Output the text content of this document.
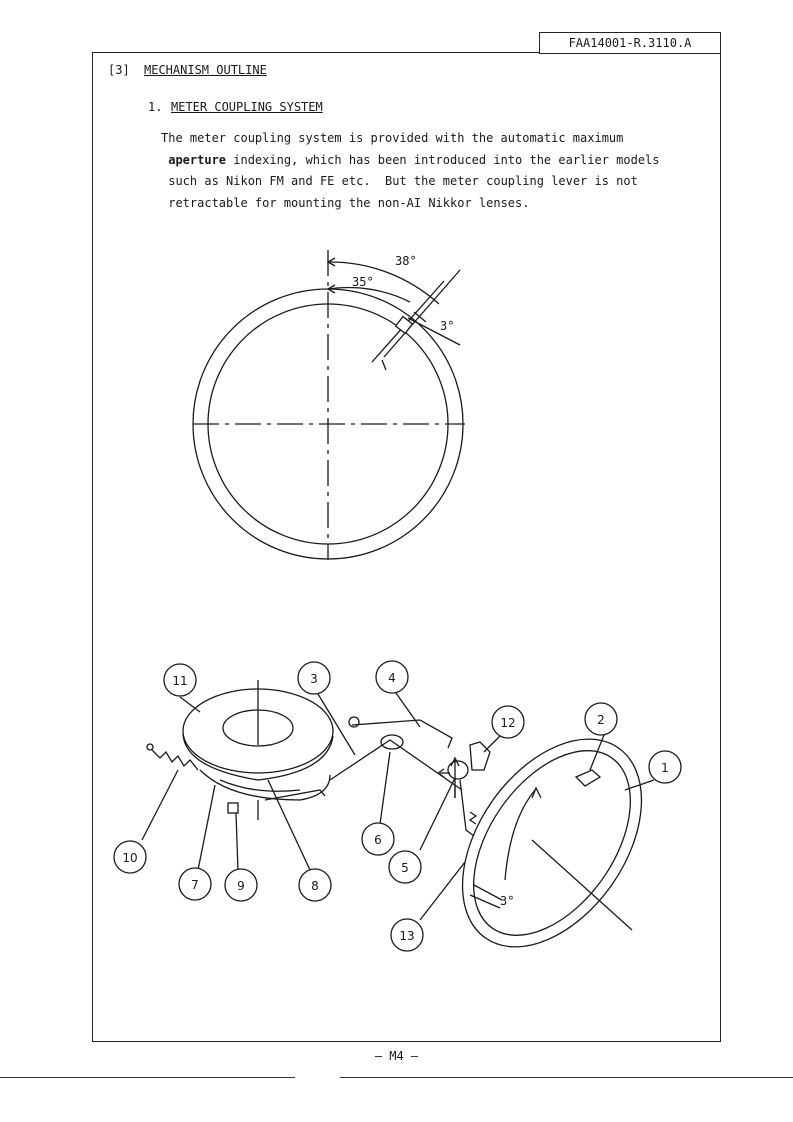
FAA14001-R.3110.A
[3] MECHANISM OUTLINE
1. METER COUPLING SYSTEM
The meter coupling system is provided with the automatic maximum
aperture indexing, which has been introduced into the earlier models
such as Nikon FM and FE etc.  But the meter coupling lever is not
retractable for mounting the non-AI Nikkor lenses.
38°
35°
3°
1
2
3	4
5
6
7	8
9
10
11
12
13
3°
— M4 —
